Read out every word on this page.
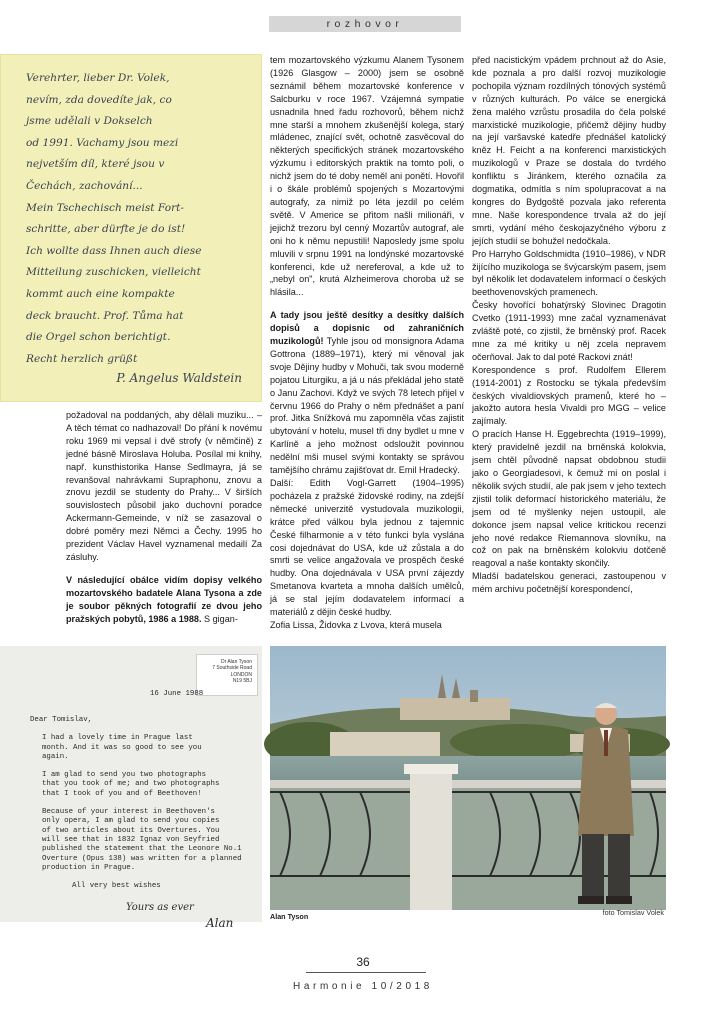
rozhovor
Verehrter, lieber Dr. Volek,
nevím, zda dovedíte jak, co
jsme udělali v Dokselch
od 1991. Vachamy jsou mezi
nejvetším díl, které jsou v
Čechách, zachování...
Mein Tschechisch meist Fort-
schritte, aber dürfte je do ist!
Ich wollte dass Ihnen auch diese
Mitteilung zuschicken, vielleicht
kommt auch eine kompakte
deck braucht. Prof. Tůma hat
die Orgel schon berichtigt.
Recht herzlich grüßt
P. Angelus Waldstein

požadoval na poddaných, aby dělali muziku... – A těch témat co nadhazoval! Do přání k novému roku 1969 mi vepsal i dvě strofy (v němčině) z jedné básně Miroslava Holuba. Posílal mi knihy, např. kunsthistorika Hanse Sedlmayra, já se revanšoval nahrávkami Supraphonu, znovu a znovu jezdil se studenty do Prahy... V širších souvislostech působil jako duchovní poradce Ackermann-Gemeinde, v níž se zasazoval o dobré poměry mezi Němci a Čechy. 1995 ho prezident Václav Havel vyznamenal medailí Za zásluhy.

V následující obálce vidím dopisy velkého mozartovského badatele Alana Tysona a zde je soubor pěkných fotografií ze dvou jeho pražských pobytů, 1986 a 1988. S gigan-

tem mozartovského výzkumu Alanem Tysonem (1926 Glasgow – 2000) jsem se osobně seznámil během mozartovské konference v Salcburku v roce 1967. Vzájemná sympatie usnadnila hned řadu rozhovorů, během nichž mne starší a mnohem zkušenější kolega, starý mládenec, znající svět, ochotně zasvěcoval do některých specifických stránek mozartovského výzkumu i editorských praktik na tomto poli, o nichž jsem do té doby neměl ani ponětí. Hovořil i o škále problémů spojených s Mozartovými autografy, za nimiž po léta jezdil po celém světě. V Americe se přitom našli milionáři, v jejichž trezoru byl cenný Mozartův autograf, ale oni ho k němu nepustili! Naposledy jsme spolu mluvili v srpnu 1991 na londýnské mozartovské konferenci, kde už nereferoval, a kde už to „nebyl on", krutá Alzheimerova choroba už se hlásila...

A tady jsou ještě desítky a desítky dalších dopisů a dopisnic od zahraničních muzikologů! Tyhle jsou od monsignora Adama Gottrona (1889–1971), který mi věnoval jak svoje Dějiny hudby v Mohuči, tak svou moderně pojatou Liturgiku, a já u nás překládal jeho statě o Janu Zachovi. Když ve svých 78 letech přijel v červnu 1966 do Prahy o něm přednášet a paní prof. Jitka Snížková mu zapomněla včas zajistit ubytování v hotelu, musel tři dny bydlet u mne v Karlíně a jeho možnost odsloužit povinnou nedělní mši musel svými kontakty se správou tamějšího chrámu zajišťovat dr. Emil Hradecký.

Další: Edith Vogl-Garrett (1904–1995) pocházela z pražské židovské rodiny, na zdejší německé univerzitě vystudovala muzikologii, krátce před válkou byla jednou z tajemnic České filharmonie a v této funkci byla vyslána cosi dojednávat do USA, kde už zůstala a do smrti se velice angažovala ve prospěch české hudby. Ona dojednávala v USA první zájezdy Smetanova kvarteta a mnoha dalších umělců, já se stal jejím dodavatelem informací a materiálů z dějin české hudby.

Zofia Lissa, Židovka z Lvova, která musela

před nacistickým vpádem prchnout až do Asie, kde poznala a pro další rozvoj muzikologie pochopila význam rozdílných tónových systémů v různých kulturách. Po válce se energická žena malého vzrůstu prosadila do čela polské marxistické muzikologie, přičemž dějiny hudby na její varšavské katedře přednášel katolický kněz H. Feicht a na konferenci marxistických muzikologů v Praze se dostala do tvrdého konfliktu s Jiránkem, kterého označila za dogmatika, odmítla s ním spolupracovat a na kongres do Bydgoště pozvala jako referenta mne. Naše korespondence trvala až do její smrti, vydání mého českojazyčného výboru z jejích studií se bohužel nedočkala.

Pro Harryho Goldschmidta (1910–1986), v NDR žijícího muzikologa se švýcarským pasem, jsem byl několik let dodavatelem informací o českých beethovenovských pramenech.

Česky hovořící bohatýrský Slovinec Dragotin Cvetko (1911-1993) mne začal vyznamenávat zvláště poté, co zjistil, že brněnský prof. Racek mne za mé kritiky u něj zcela nepravem očerňoval. Jak to dal poté Rackovi znát!

Korespondence s prof. Rudolfem Ellerem (1914-2001) z Rostocku se týkala především českých vivaldiovských pramenů, které ho – jakožto autora hesla Vivaldi pro MGG – velice zajímaly.

O pracích Hanse H. Eggebrechta (1919–1999), který pravidelně jezdil na brněnská kolokvia, jsem chtěl původně napsat obdobnou studii jako o Georgiadesovi, k čemuž mi on poslal i několik svých studií, ale pak jsem v jeho textech zjistil tolik deformací historického materiálu, že jsem od té myšlenky nejen ustoupil, ale dokonce jsem napsal velice kritickou recenzi jeho nové redakce Riemannova slovníku, na což on pak na brněnském kolokviu dotčeně reagoval a naše kontakty skončily.

Mladší badatelskou generaci, zastoupenou v mém archivu početnější korespondencí,

Dr Alan Tyson
7 Southside Road
LONDON
N19 5BJ
16 June 1988
Dear Tomislav,
I had a lovely time in Prague last
month. And it was so good to see you
again.
I am glad to send you two photographs
that you took of me; and two photographs
that I took of you and of Beethoven!
Because of your interest in Beethoven's
only opera, I am glad to send you copies
of two articles about its Overtures. You
will see that in 1832 Ignaz von Seyfried
published the statement that the Leonore No.1
Overture (Opus 138) was written for a planned
production in Prague.
All very best wishes
Yours as ever
Alan	Alan Tyson	foto Tomislav Volek
36
Harmonie 10/2018
